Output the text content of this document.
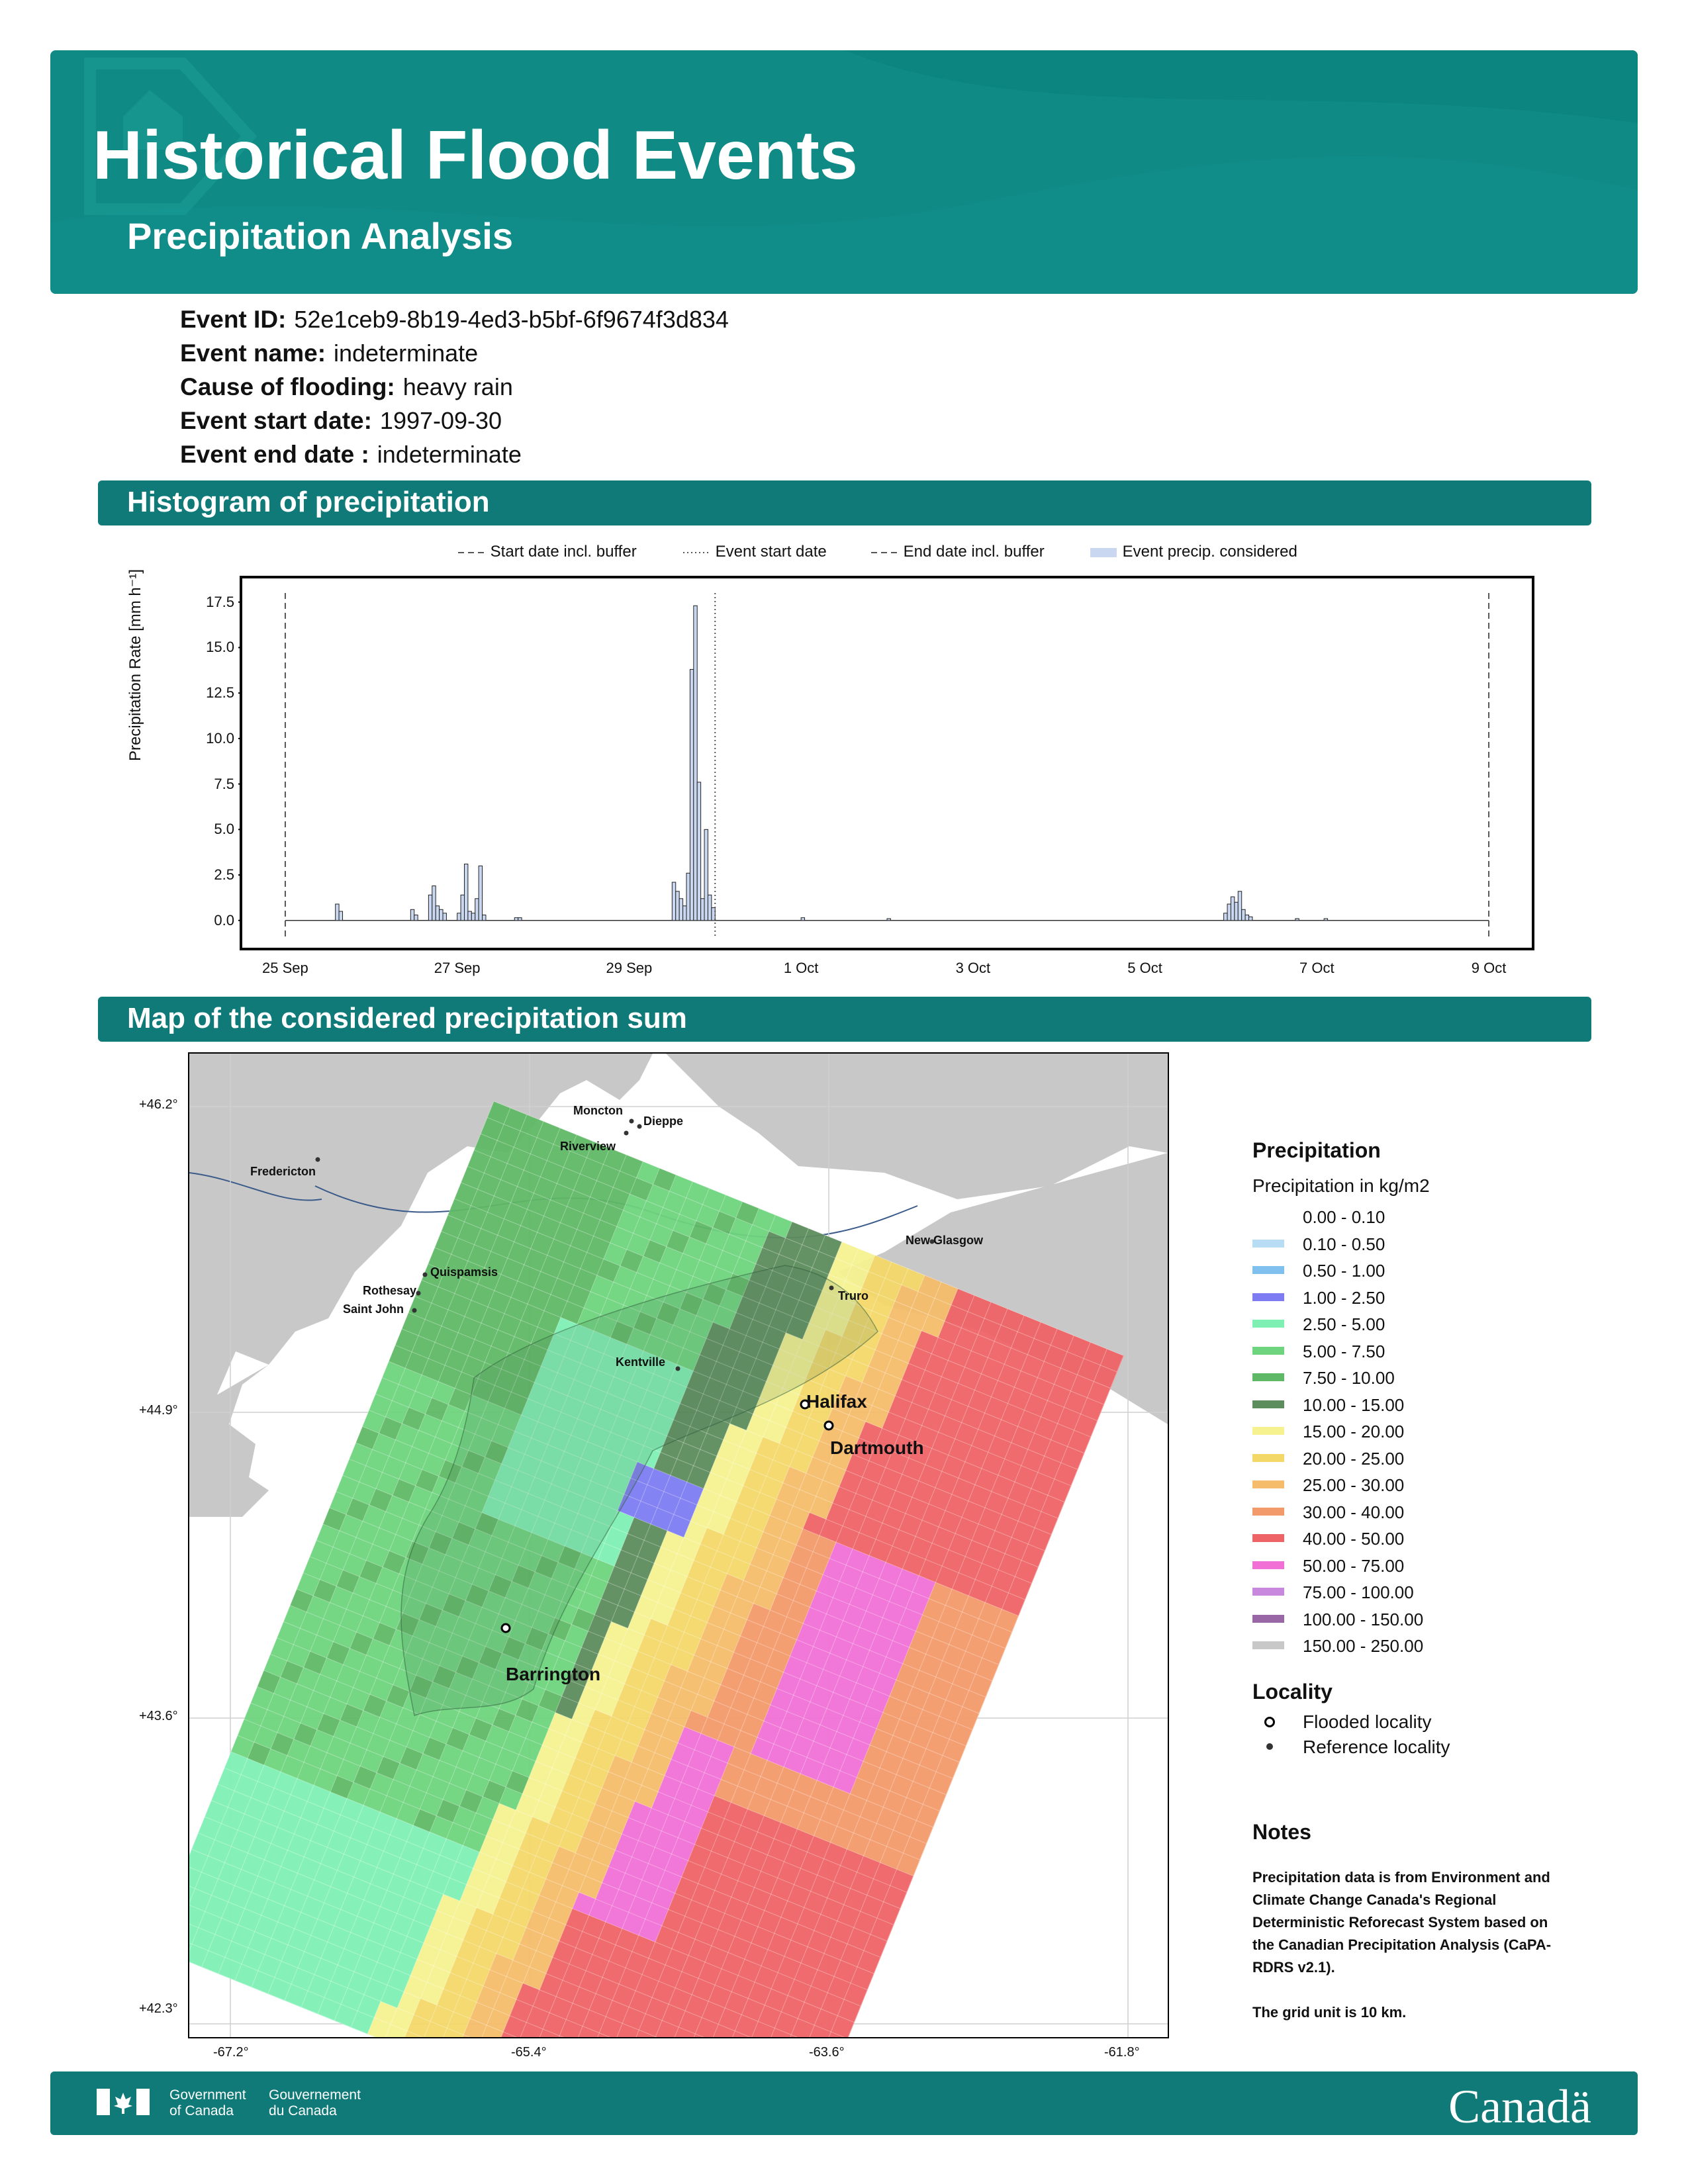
Historical Flood Events
Precipitation Analysis
Event ID: 52e1ceb9-8b19-4ed3-b5bf-6f9674f3d834
Event name: indeterminate
Cause of flooding: heavy rain
Event start date: 1997-09-30
Event end date : indeterminate
Histogram of precipitation
Start date incl. buffer	Event start date	End date incl. buffer	Event precip. considered
Precipitation Rate [mm h⁻¹]
0.0
2.5
5.0
7.5
10.0
12.5
15.0
17.5
25 Sep	27 Sep	29 Sep	1 Oct	3 Oct	5 Oct	7 Oct	9 Oct
Map of the considered precipitation sum
Moncton
Dieppe
Riverview
Fredericton
New Glasgow
Quispamsis
Rothesay
Saint John
Truro
Kentville
Halifax
Dartmouth
Barrington
+46.2°
+44.9°
+43.6°
+42.3°
-67.2°	-65.4°	-63.6°	-61.8°
Precipitation
Precipitation in kg/m2
0.00 - 0.10
0.10 - 0.50
0.50 - 1.00
1.00 - 2.50
2.50 - 5.00
5.00 - 7.50
7.50 - 10.00
10.00 - 15.00
15.00 - 20.00
20.00 - 25.00
25.00 - 30.00
30.00 - 40.00
40.00 - 50.00
50.00 - 75.00
75.00 - 100.00
100.00 - 150.00
150.00 - 250.00
Locality
Flooded locality
Reference locality
Notes
Precipitation data is from Environment and
Climate Change Canada's Regional
Deterministic Reforecast System based on
the Canadian Precipitation Analysis (CaPA-
RDRS v2.1).
The grid unit is 10 km.
Government
of Canada
Gouvernement
du Canada	Canadä
